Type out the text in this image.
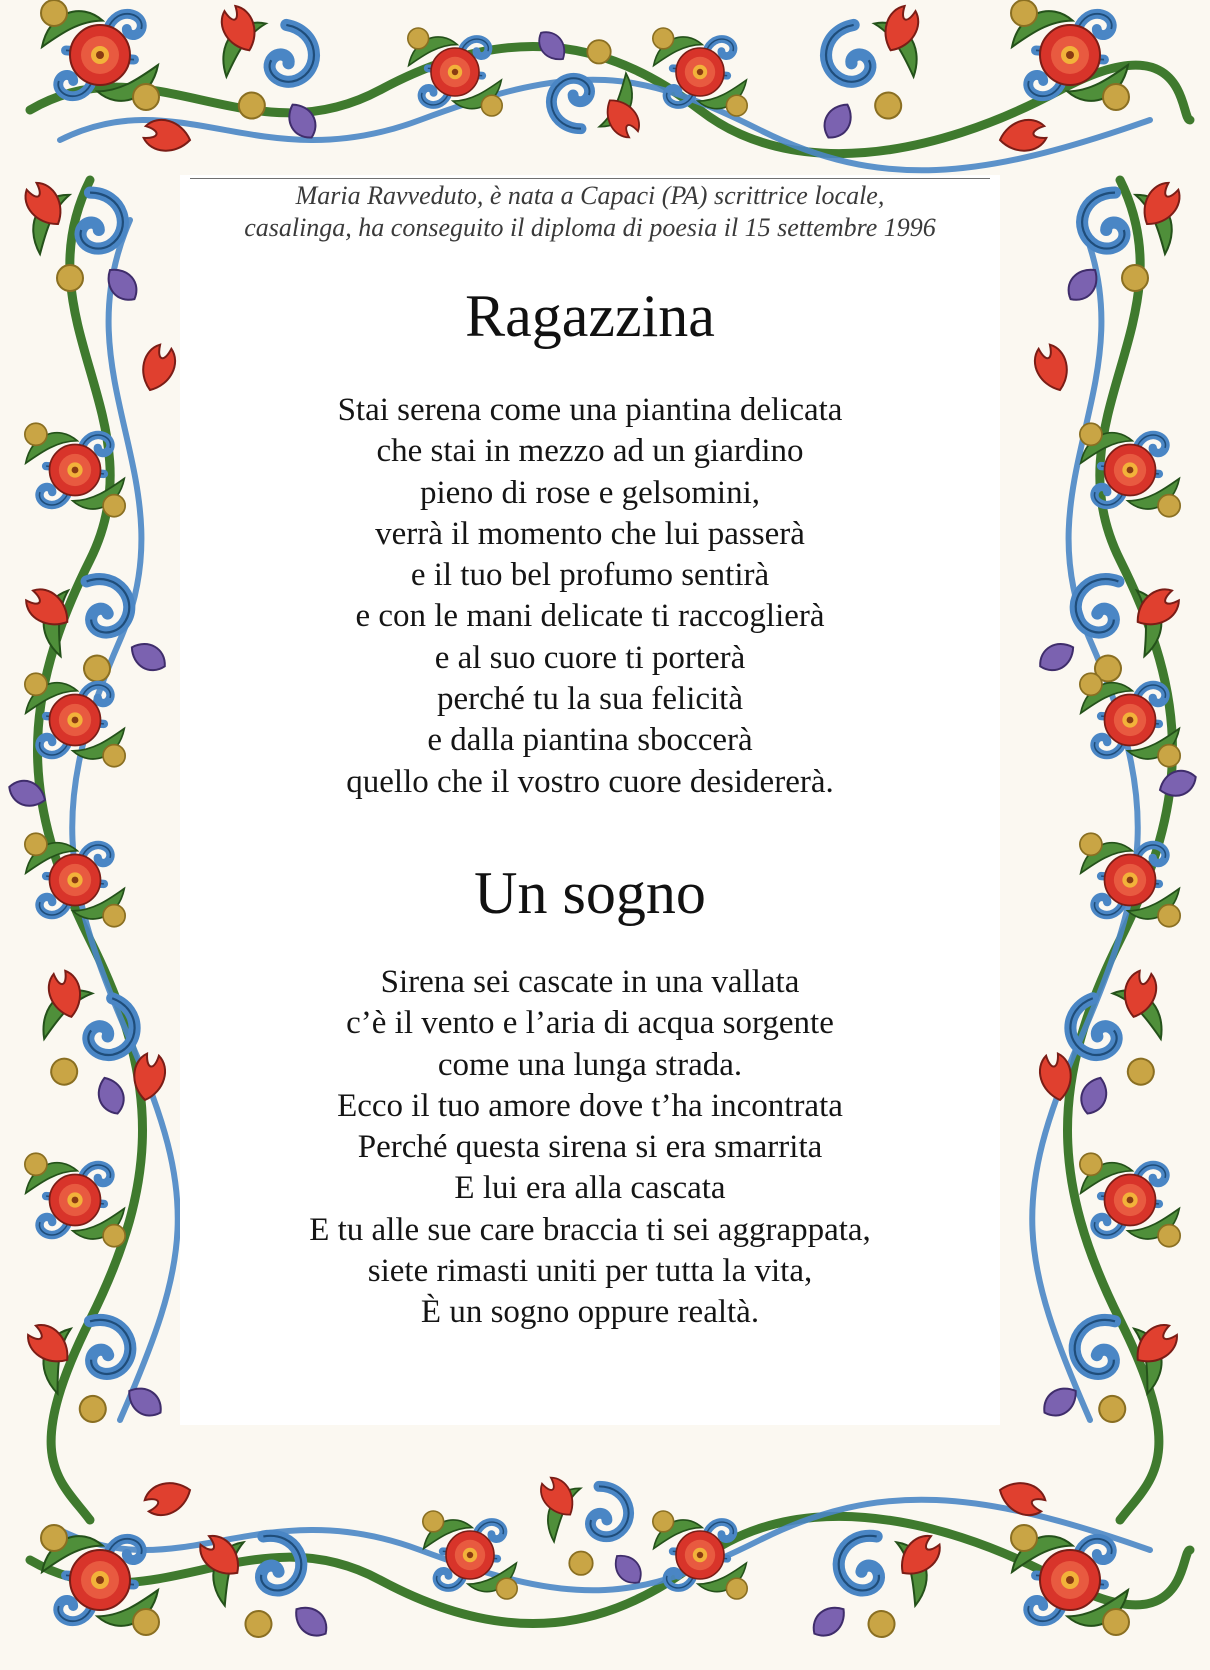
Maria Ravveduto, è nata a Capaci (PA) scrittrice locale,
casalinga, ha conseguito il diploma di poesia il 15 settembre 1996
Ragazzina
Stai serena come una piantina delicata
che stai in mezzo ad un giardino
pieno di rose e gelsomini,
verrà il momento che lui passerà
e il tuo bel profumo sentirà
e con le mani delicate ti raccoglierà
e al suo cuore ti porterà
perché tu la sua felicità
e dalla piantina sboccerà
quello che il vostro cuore desidererà.
Un sogno
Sirena sei cascate in una vallata
c’è il vento e l’aria di acqua sorgente
come una lunga strada.
Ecco il tuo amore dove t’ha incontrata
Perché questa sirena si era smarrita
E lui era alla cascata
E tu alle sue care braccia ti sei aggrappata,
siete rimasti uniti per tutta la vita,
È un sogno oppure realtà.
